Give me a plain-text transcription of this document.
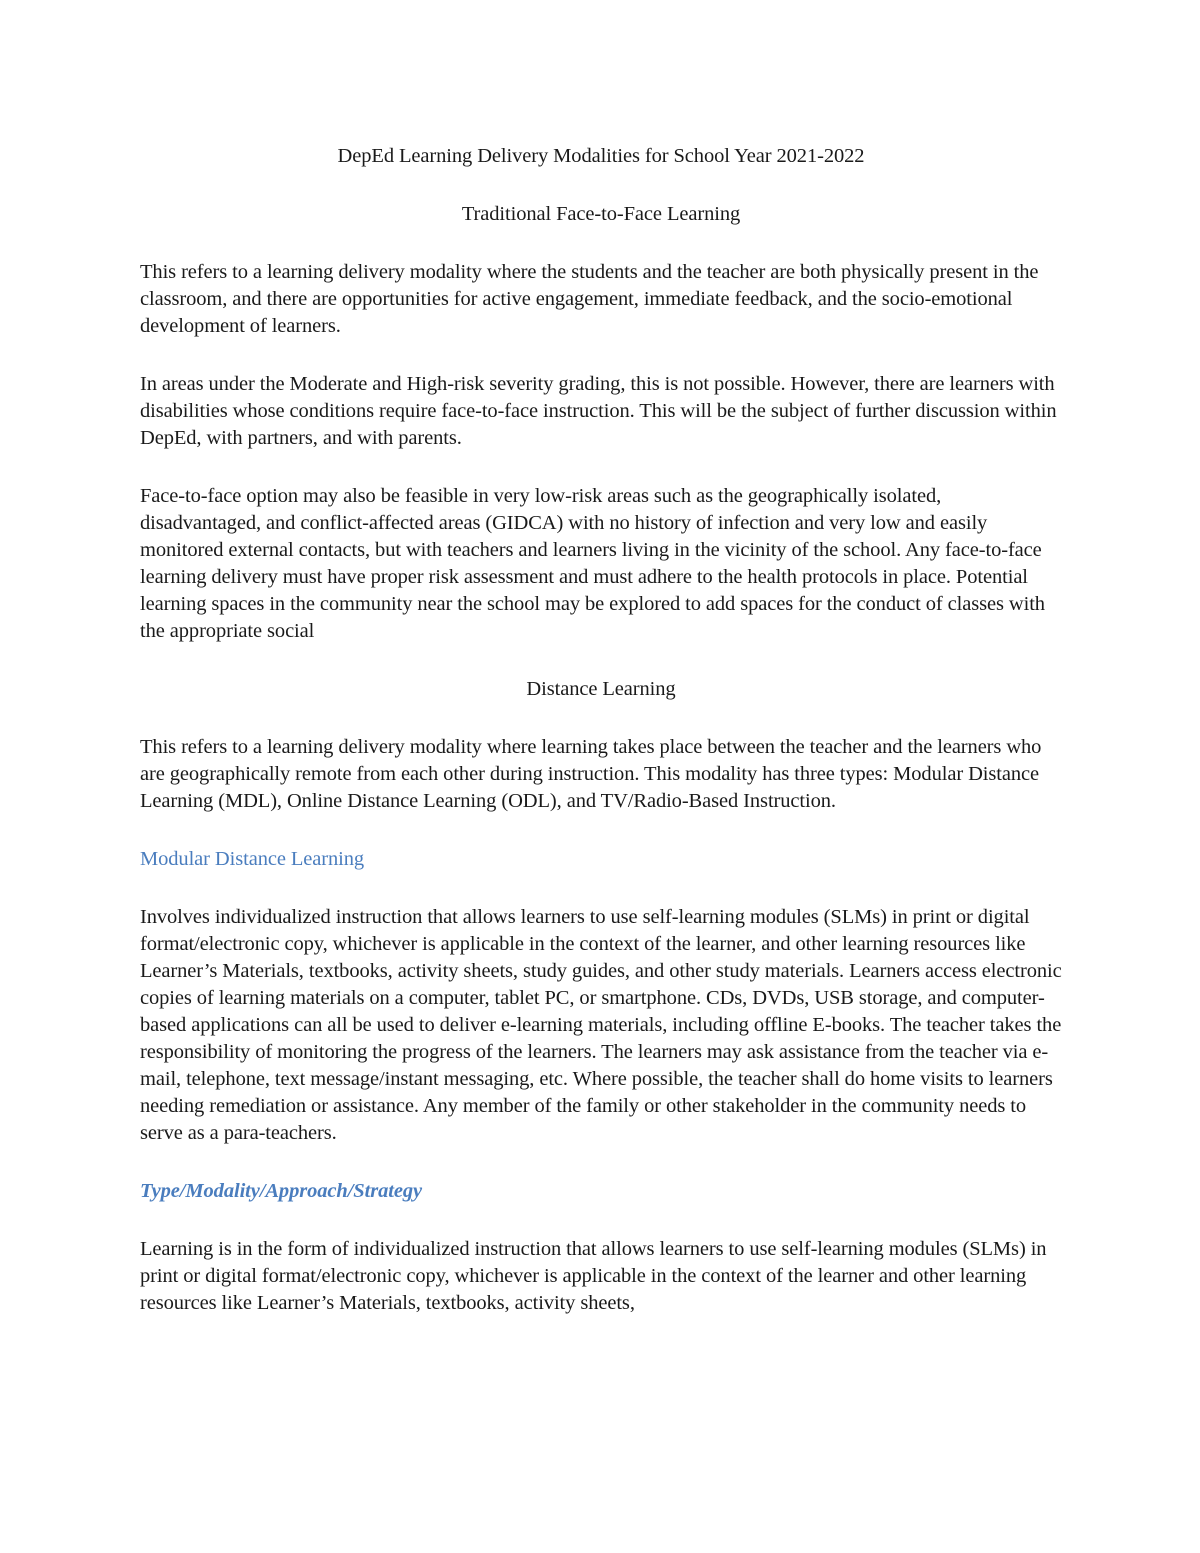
DepEd Learning Delivery Modalities for School Year 2021-2022

Traditional Face-to-Face Learning

This refers to a learning delivery modality where the students and the teacher are both physically present in the classroom, and there are opportunities for active engagement, immediate feedback, and the socio-emotional development of learners.

In areas under the Moderate and High-risk severity grading, this is not possible. However, there are learners with disabilities whose conditions require face-to-face instruction. This will be the subject of further discussion within DepEd, with partners, and with parents.

Face-to-face option may also be feasible in very low-risk areas such as the geographically isolated, disadvantaged, and conflict-affected areas (GIDCA) with no history of infection and very low and easily monitored external contacts, but with teachers and learners living in the vicinity of the school. Any face-to-face learning delivery must have proper risk assessment and must adhere to the health protocols in place. Potential learning spaces in the community near the school may be explored to add spaces for the conduct of classes with the appropriate social

Distance Learning

This refers to a learning delivery modality where learning takes place between the teacher and the learners who are geographically remote from each other during instruction. This modality has three types: Modular Distance Learning (MDL), Online Distance Learning (ODL), and TV/Radio-Based Instruction.

Modular Distance Learning

Involves individualized instruction that allows learners to use self-learning modules (SLMs) in print or digital format/electronic copy, whichever is applicable in the context of the learner, and other learning resources like Learner’s Materials, textbooks, activity sheets, study guides, and other study materials. Learners access electronic copies of learning materials on a computer, tablet PC, or smartphone. CDs, DVDs, USB storage, and computer-based applications can all be used to deliver e-learning materials, including offline E-books. The teacher takes the responsibility of monitoring the progress of the learners. The learners may ask assistance from the teacher via e-mail, telephone, text message/instant messaging, etc. Where possible, the teacher shall do home visits to learners needing remediation or assistance. Any member of the family or other stakeholder in the community needs to serve as a para-teachers.

Type/Modality/Approach/Strategy

Learning is in the form of individualized instruction that allows learners to use self-learning modules (SLMs) in print or digital format/electronic copy, whichever is applicable in the context of the learner and other learning resources like Learner’s Materials, textbooks, activity sheets,
